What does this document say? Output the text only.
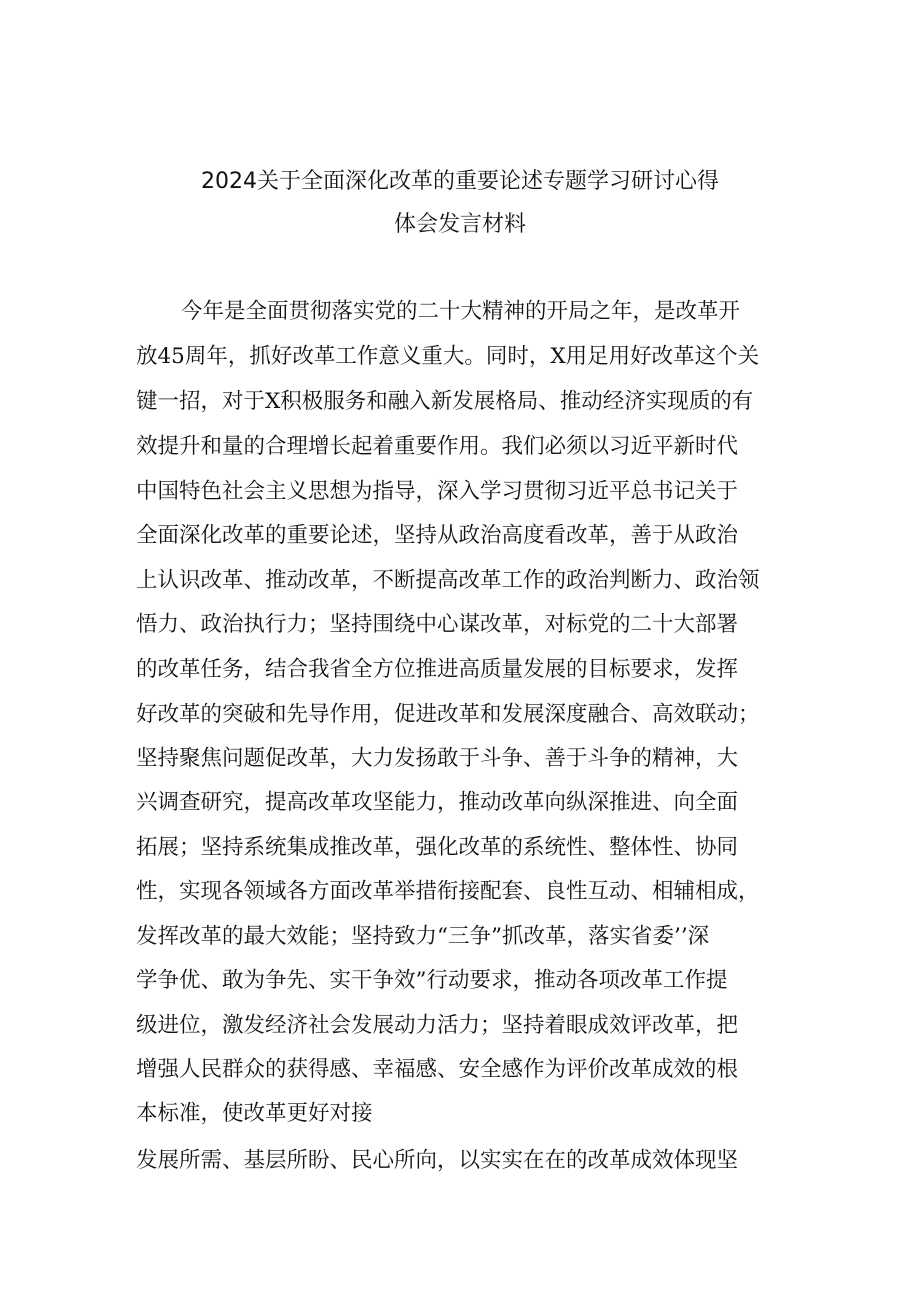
2024关于全面深化改革的重要论述专题学习研讨心得
体会发言材料
今年是全面贯彻落实党的二十大精神的开局之年，是改革开
放45周年，抓好改革工作意义重大。同时，X用足用好改革这个关
键一招，对于X积极服务和融入新发展格局、推动经济实现质的有
效提升和量的合理增长起着重要作用。我们必须以习近平新时代
中国特色社会主义思想为指导，深入学习贯彻习近平总书记关于
全面深化改革的重要论述，坚持从政治高度看改革，善于从政治
上认识改革、推动改革，不断提高改革工作的政治判断力、政治领
悟力、政治执行力；坚持围绕中心谋改革，对标党的二十大部署
的改革任务，结合我省全方位推进高质量发展的目标要求，发挥
好改革的突破和先导作用，促进改革和发展深度融合、高效联动；
坚持聚焦问题促改革，大力发扬敢于斗争、善于斗争的精神，大
兴调查研究，提高改革攻坚能力，推动改革向纵深推进、向全面
拓展；坚持系统集成推改革，强化改革的系统性、整体性、协同
性，实现各领域各方面改革举措衔接配套、良性互动、相辅相成，
发挥改革的最大效能；坚持致力“三争”抓改革，落实省委’’深
学争优、敢为争先、实干争效”行动要求，推动各项改革工作提
级进位，激发经济社会发展动力活力；坚持着眼成效评改革，把
增强人民群众的获得感、幸福感、安全感作为评价改革成效的根
本标准，使改革更好对接
发展所需、基层所盼、民心所向，以实实在在的改革成效体现坚
